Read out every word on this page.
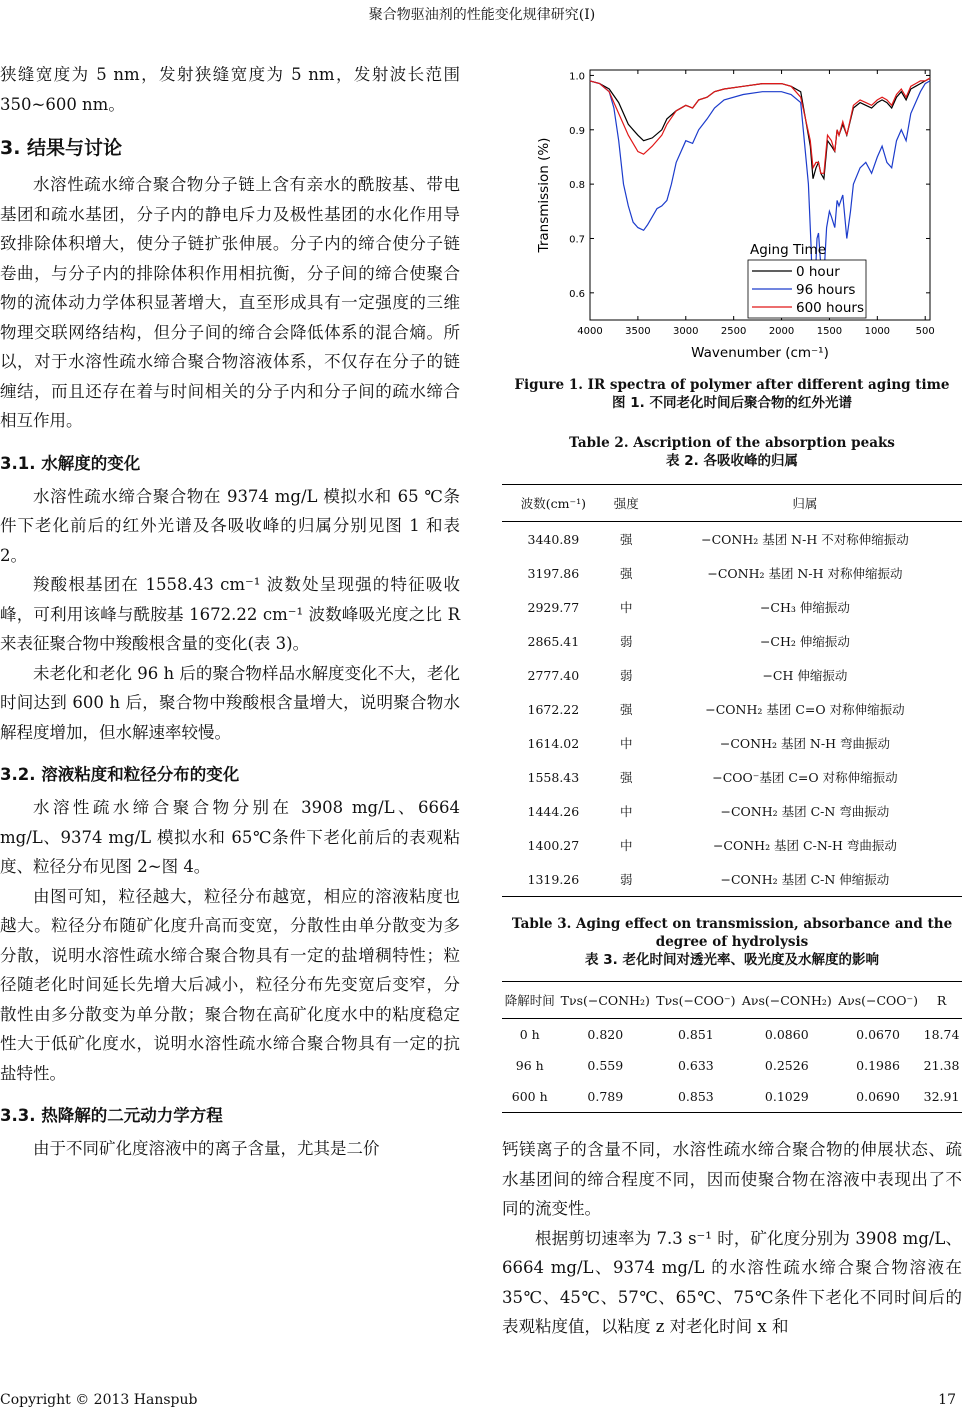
聚合物驱油剂的性能变化规律研究(I)

狭缝宽度为 5 nm，发射狭缝宽度为 5 nm，发射波长范围 350~600 nm。

3. 结果与讨论

水溶性疏水缔合聚合物分子链上含有亲水的酰胺基、带电基团和疏水基团，分子内的静电斥力及极性基团的水化作用导致排除体积增大，使分子链扩张伸展。分子内的缔合使分子链卷曲，与分子内的排除体积作用相抗衡，分子间的缔合使聚合物的流体动力学体积显著增大，直至形成具有一定强度的三维物理交联网络结构，但分子间的缔合会降低体系的混合熵。所以，对于水溶性疏水缔合聚合物溶液体系，不仅存在分子的链缠结，而且还存在着与时间相关的分子内和分子间的疏水缔合相互作用。

3.1. 水解度的变化

水溶性疏水缔合聚合物在 9374 mg/L 模拟水和 65 ℃条件下老化前后的红外光谱及各吸收峰的归属分别见图 1 和表 2。

羧酸根基团在 1558.43 cm⁻¹ 波数处呈现强的特征吸收峰，可利用该峰与酰胺基 1672.22 cm⁻¹ 波数峰吸光度之比 R 来表征聚合物中羧酸根含量的变化(表 3)。

未老化和老化 96 h 后的聚合物样品水解度变化不大，老化时间达到 600 h 后，聚合物中羧酸根含量增大，说明聚合物水解程度增加，但水解速率较慢。

3.2. 溶液粘度和粒径分布的变化

水溶性疏水缔合聚合物分别在 3908 mg/L、6664 mg/L、9374 mg/L 模拟水和 65℃条件下老化前后的表观粘度、粒径分布见图 2~图 4。

由图可知，粒径越大，粒径分布越宽，相应的溶液粘度也越大。粒径分布随矿化度升高而变宽，分散性由单分散变为多分散，说明水溶性疏水缔合聚合物具有一定的盐增稠特性；粒径随老化时间延长先增大后减小，粒径分布先变宽后变窄，分散性由多分散变为单分散；聚合物在高矿化度水中的粘度稳定性大于低矿化度水，说明水溶性疏水缔合聚合物具有一定的抗盐特性。

3.3. 热降解的二元动力学方程

由于不同矿化度溶液中的离子含量，尤其是二价

4000 3500 3000 2500 2000 1500 1000	500
0.6
0.7
0.8
0.9
1.0
Wavenumber (cm⁻¹)
Transmission (%)	Aging Time
0 hour
96 hours
600 hours
Figure 1. IR spectra of polymer after different aging time
图 1. 不同老化时间后聚合物的红外光谱
Table 2. Ascription of the absorption peaks
表 2. 各吸收峰的归属
波数(cm⁻¹)	强度	归属
3440.89	强	−CONH₂ 基团 N-H 不对称伸缩振动
3197.86	强	−CONH₂ 基团 N-H 对称伸缩振动
2929.77	中	−CH₃ 伸缩振动
2865.41	弱	−CH₂ 伸缩振动
2777.40	弱	−CH 伸缩振动
1672.22	强	−CONH₂ 基团 C=O 对称伸缩振动
1614.02	中	−CONH₂ 基团 N-H 弯曲振动
1558.43	强	−COO⁻基团 C=O 对称伸缩振动
1444.26	中	−CONH₂ 基团 C-N 弯曲振动
1400.27	中	−CONH₂ 基团 C-N-H 弯曲振动
1319.26	弱	−CONH₂ 基团 C-N 伸缩振动
Table 3. Aging effect on transmission, absorbance and the degree of hydrolysis
表 3. 老化时间对透光率、吸光度及水解度的影响
降解时间	Tνs(−CONH₂)	Tνs(−COO⁻)	Aνs(−CONH₂)	Aνs(−COO⁻)	R
0 h	0.820	0.851	0.0860	0.0670	18.74
96 h	0.559	0.633	0.2526	0.1986	21.38
600 h	0.789	0.853	0.1029	0.0690	32.91

钙镁离子的含量不同，水溶性疏水缔合聚合物的伸展状态、疏水基团间的缔合程度不同，因而使聚合物在溶液中表现出了不同的流变性。

根据剪切速率为 7.3 s⁻¹ 时，矿化度分别为 3908 mg/L、6664 mg/L、9374 mg/L 的水溶性疏水缔合聚合物溶液在 35℃、45℃、57℃、65℃、75℃条件下老化不同时间后的表观粘度值，以粘度 z 对老化时间 x 和

Copyright © 2013 Hanspub	17
